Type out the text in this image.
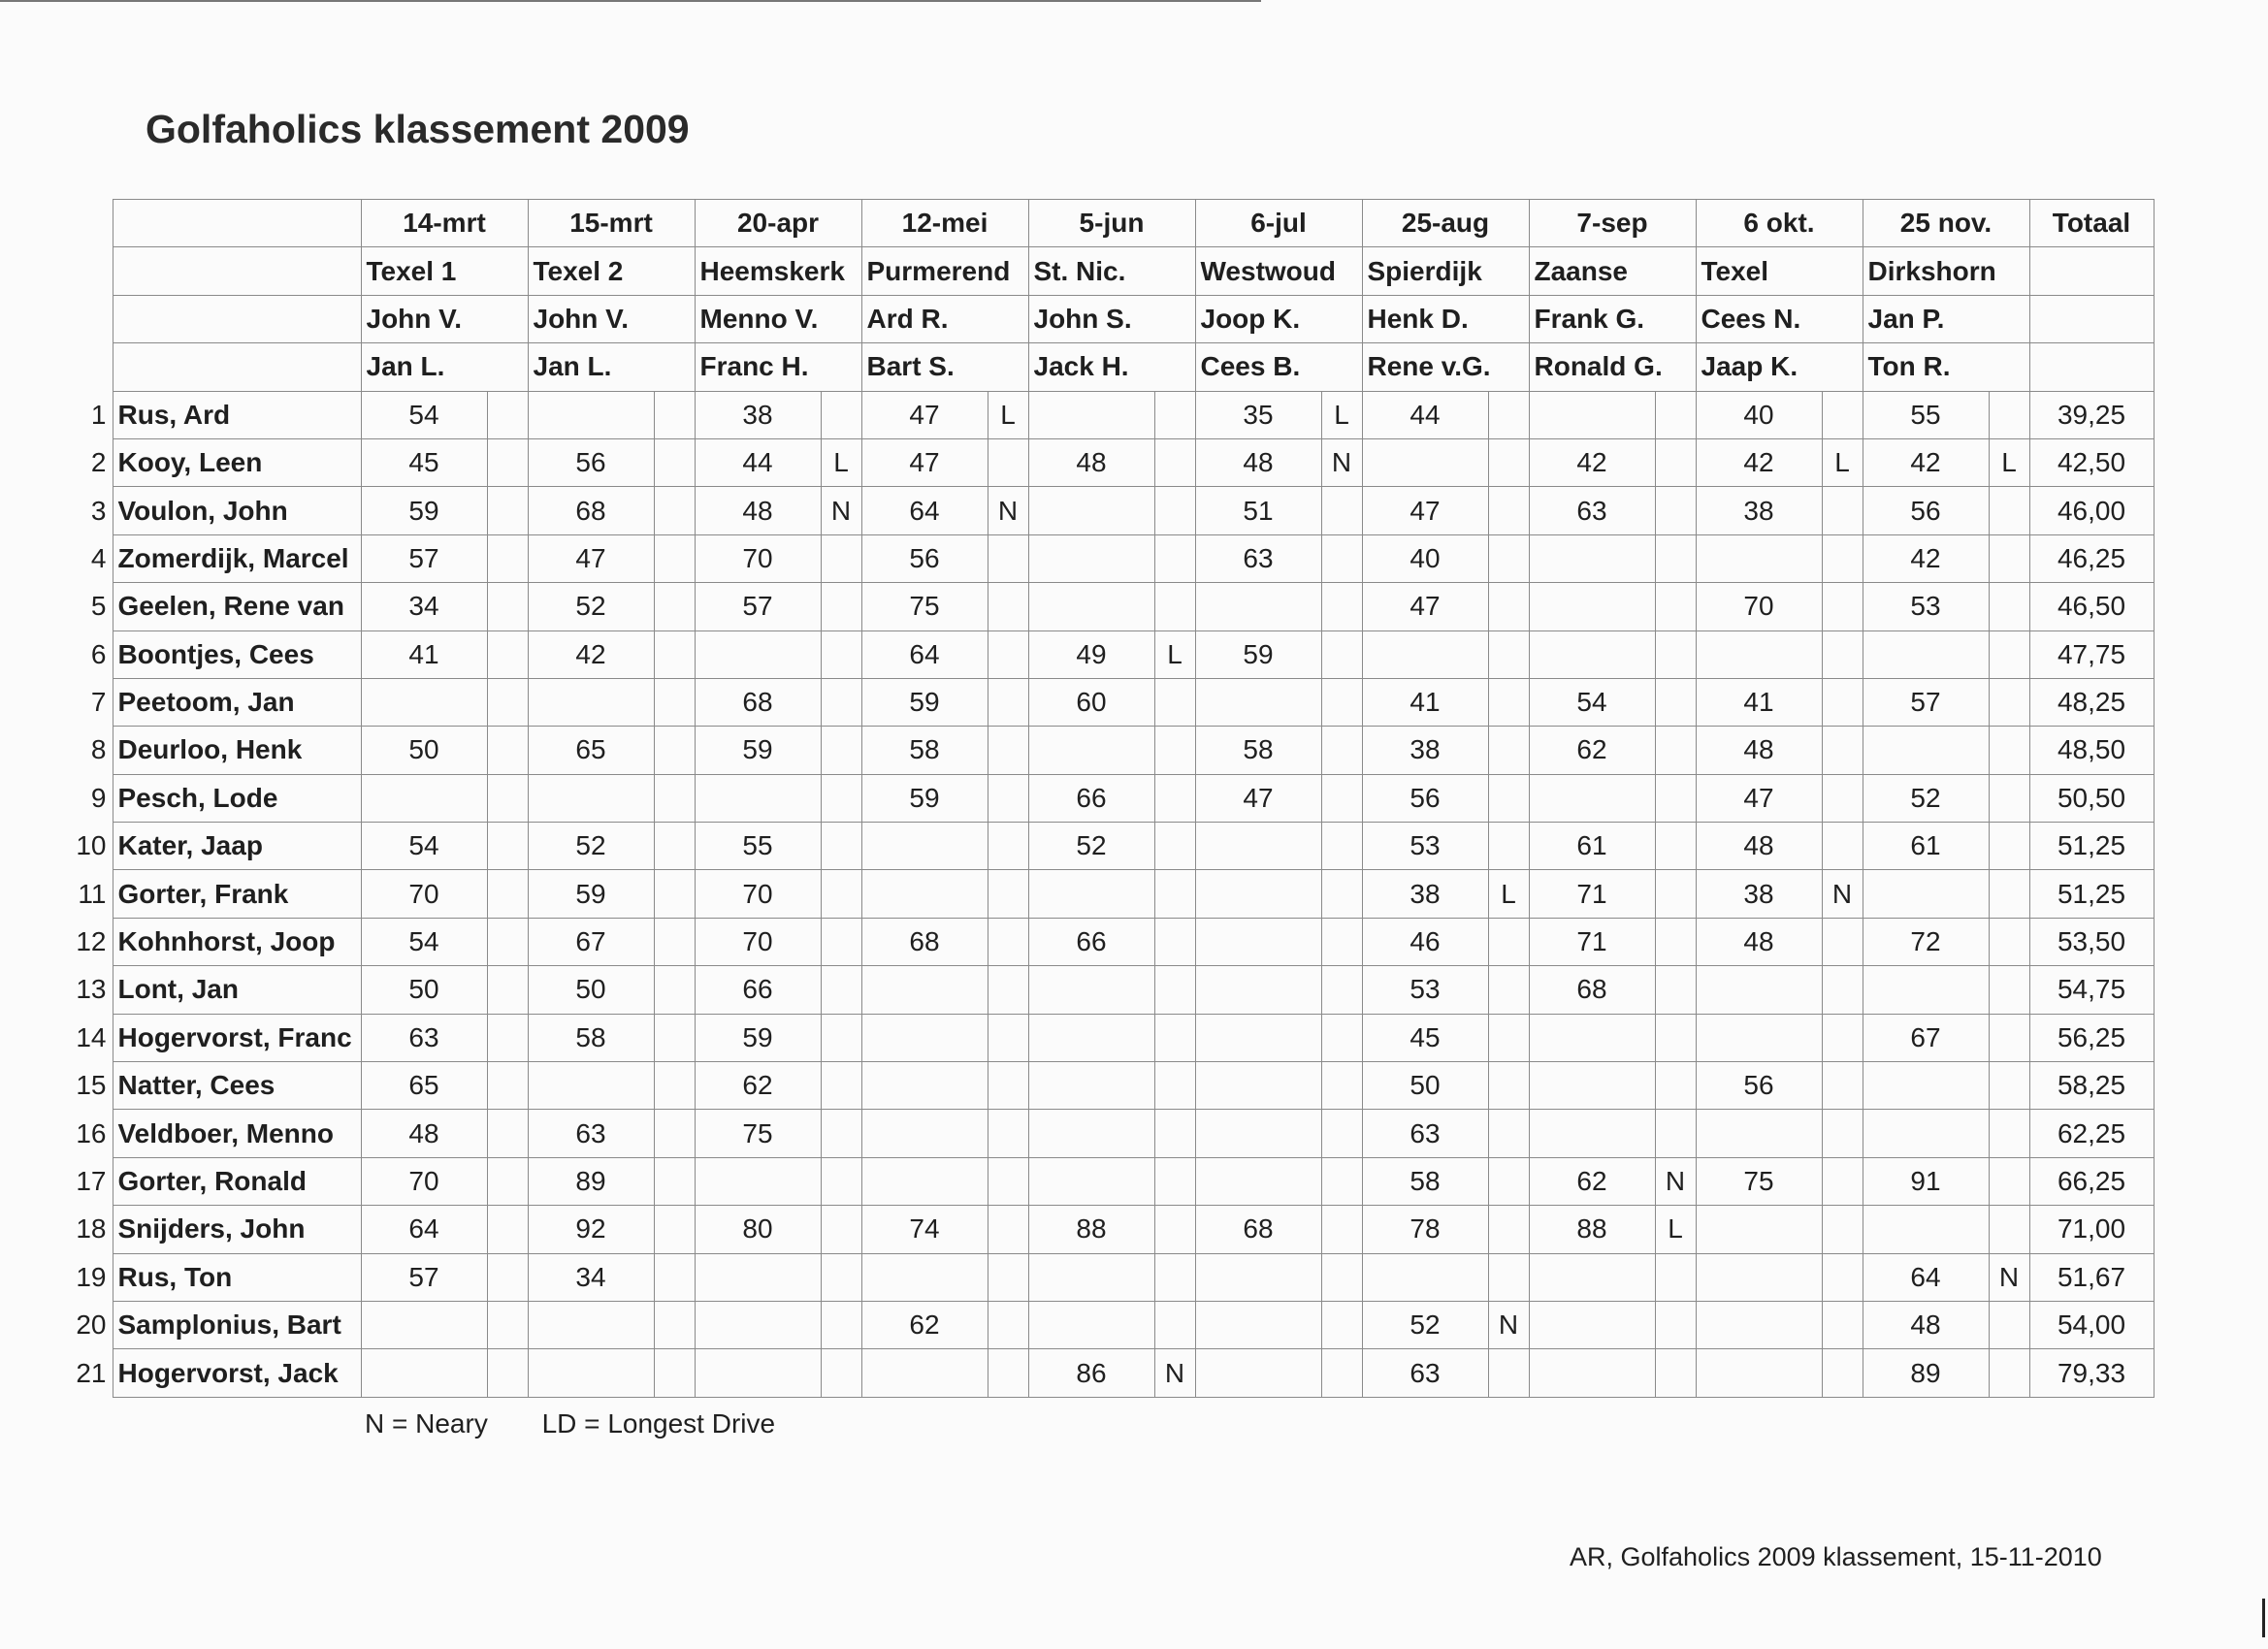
Golfaholics klassement 2009
		14-mrt		15-mrt		20-apr		12-mei		5-jun		6-jul		25-aug		7-sep		6 okt.		25 nov.		Totaal
		Texel 1		Texel 2		Heemskerk		Purmerend		St. Nic.		Westwoud		Spierdijk		Zaanse		Texel		Dirkshorn		
		John V.		John V.		Menno V.		Ard R.		John S.		Joop K.		Henk D.		Frank G.		Cees N.		Jan P.		
		Jan L.		Jan L.		Franc H.		Bart S.		Jack H.		Cees B.		Rene v.G.		Ronald G.		Jaap K.		Ton R.		
1	Rus, Ard	54				38		47	L			35	L	44				40		55		39,25
2	Kooy, Leen	45		56		44	L	47		48		48	N			42		42	L	42	L	42,50
3	Voulon, John	59		68		48	N	64	N			51		47		63		38		56		46,00
4	Zomerdijk, Marcel	57		47		70		56				63		40						42		46,25
5	Geelen, Rene van	34		52		57		75						47				70		53		46,50
6	Boontjes, Cees	41		42				64		49	L	59										47,75
7	Peetoom, Jan					68		59		60				41		54		41		57		48,25
8	Deurloo, Henk	50		65		59		58				58		38		62		48				48,50
9	Pesch, Lode							59		66		47		56				47		52		50,50
10	Kater, Jaap	54		52		55				52				53		61		48		61		51,25
11	Gorter, Frank	70		59		70								38	L	71		38	N			51,25
12	Kohnhorst, Joop	54		67		70		68		66				46		71		48		72		53,50
13	Lont, Jan	50		50		66								53		68						54,75
14	Hogervorst, Franc	63		58		59								45						67		56,25
15	Natter, Cees	65				62								50				56				58,25
16	Veldboer, Menno	48		63		75								63								62,25
17	Gorter, Ronald	70		89										58		62	N	75		91		66,25
18	Snijders, John	64		92		80		74		88		68		78		88	L					71,00
19	Rus, Ton	57		34																64	N	51,67
20	Samplonius, Bart							62						52	N					48		54,00
21	Hogervorst, Jack									86	N			63						89		79,33
N = Neary LD = Longest Drive
AR, Golfaholics 2009 klassement, 15-11-2010
